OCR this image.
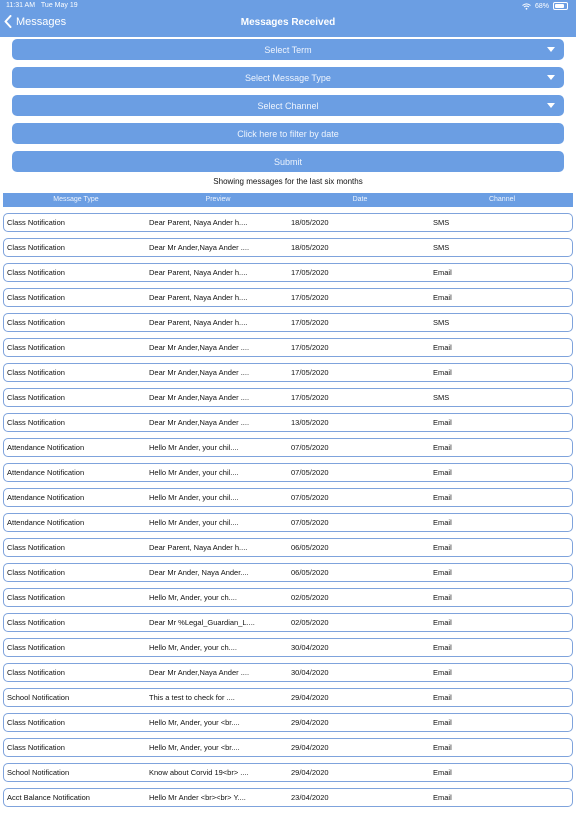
11:31 AM Tue May 19	68%
Messages	Messages Received
Select Term
Select Message Type
Select Channel
Click here to filter by date
Submit
Showing messages for the last six months
Message Type	Preview	Date	Channel
Class Notification	Dear Parent, Naya Ander h....	18/05/2020	SMS
Class Notification	Dear Mr Ander,Naya Ander ....	18/05/2020	SMS
Class Notification	Dear Parent, Naya Ander h....	17/05/2020	Email
Class Notification	Dear Parent, Naya Ander h....	17/05/2020	Email
Class Notification	Dear Parent, Naya Ander h....	17/05/2020	SMS
Class Notification	Dear Mr Ander,Naya Ander ....	17/05/2020	Email
Class Notification	Dear Mr Ander,Naya Ander ....	17/05/2020	Email
Class Notification	Dear Mr Ander,Naya Ander ....	17/05/2020	SMS
Class Notification	Dear Mr Ander,Naya Ander ....	13/05/2020	Email
Attendance Notification	Hello Mr Ander, your chil....	07/05/2020	Email
Attendance Notification	Hello Mr Ander, your chil....	07/05/2020	Email
Attendance Notification	Hello Mr Ander, your chil....	07/05/2020	Email
Attendance Notification	Hello Mr Ander, your chil....	07/05/2020	Email
Class Notification	Dear Parent, Naya Ander h....	06/05/2020	Email
Class Notification	Dear Mr Ander, Naya Ander....	06/05/2020	Email
Class Notification	Hello Mr, Ander, your ch....	02/05/2020	Email
Class Notification	Dear Mr %Legal_Guardian_L....	02/05/2020	Email
Class Notification	Hello Mr, Ander, your ch....	30/04/2020	Email
Class Notification	Dear Mr Ander,Naya Ander ....	30/04/2020	Email
School Notification	This a test to check for ....	29/04/2020	Email
Class Notification	Hello Mr, Ander, your <br....	29/04/2020	Email
Class Notification	Hello Mr, Ander, your <br....	29/04/2020	Email
School Notification	Know about Corvid 19<br> ....	29/04/2020	Email
Acct Balance Notification	Hello Mr Ander <br><br> Y....	23/04/2020	Email
